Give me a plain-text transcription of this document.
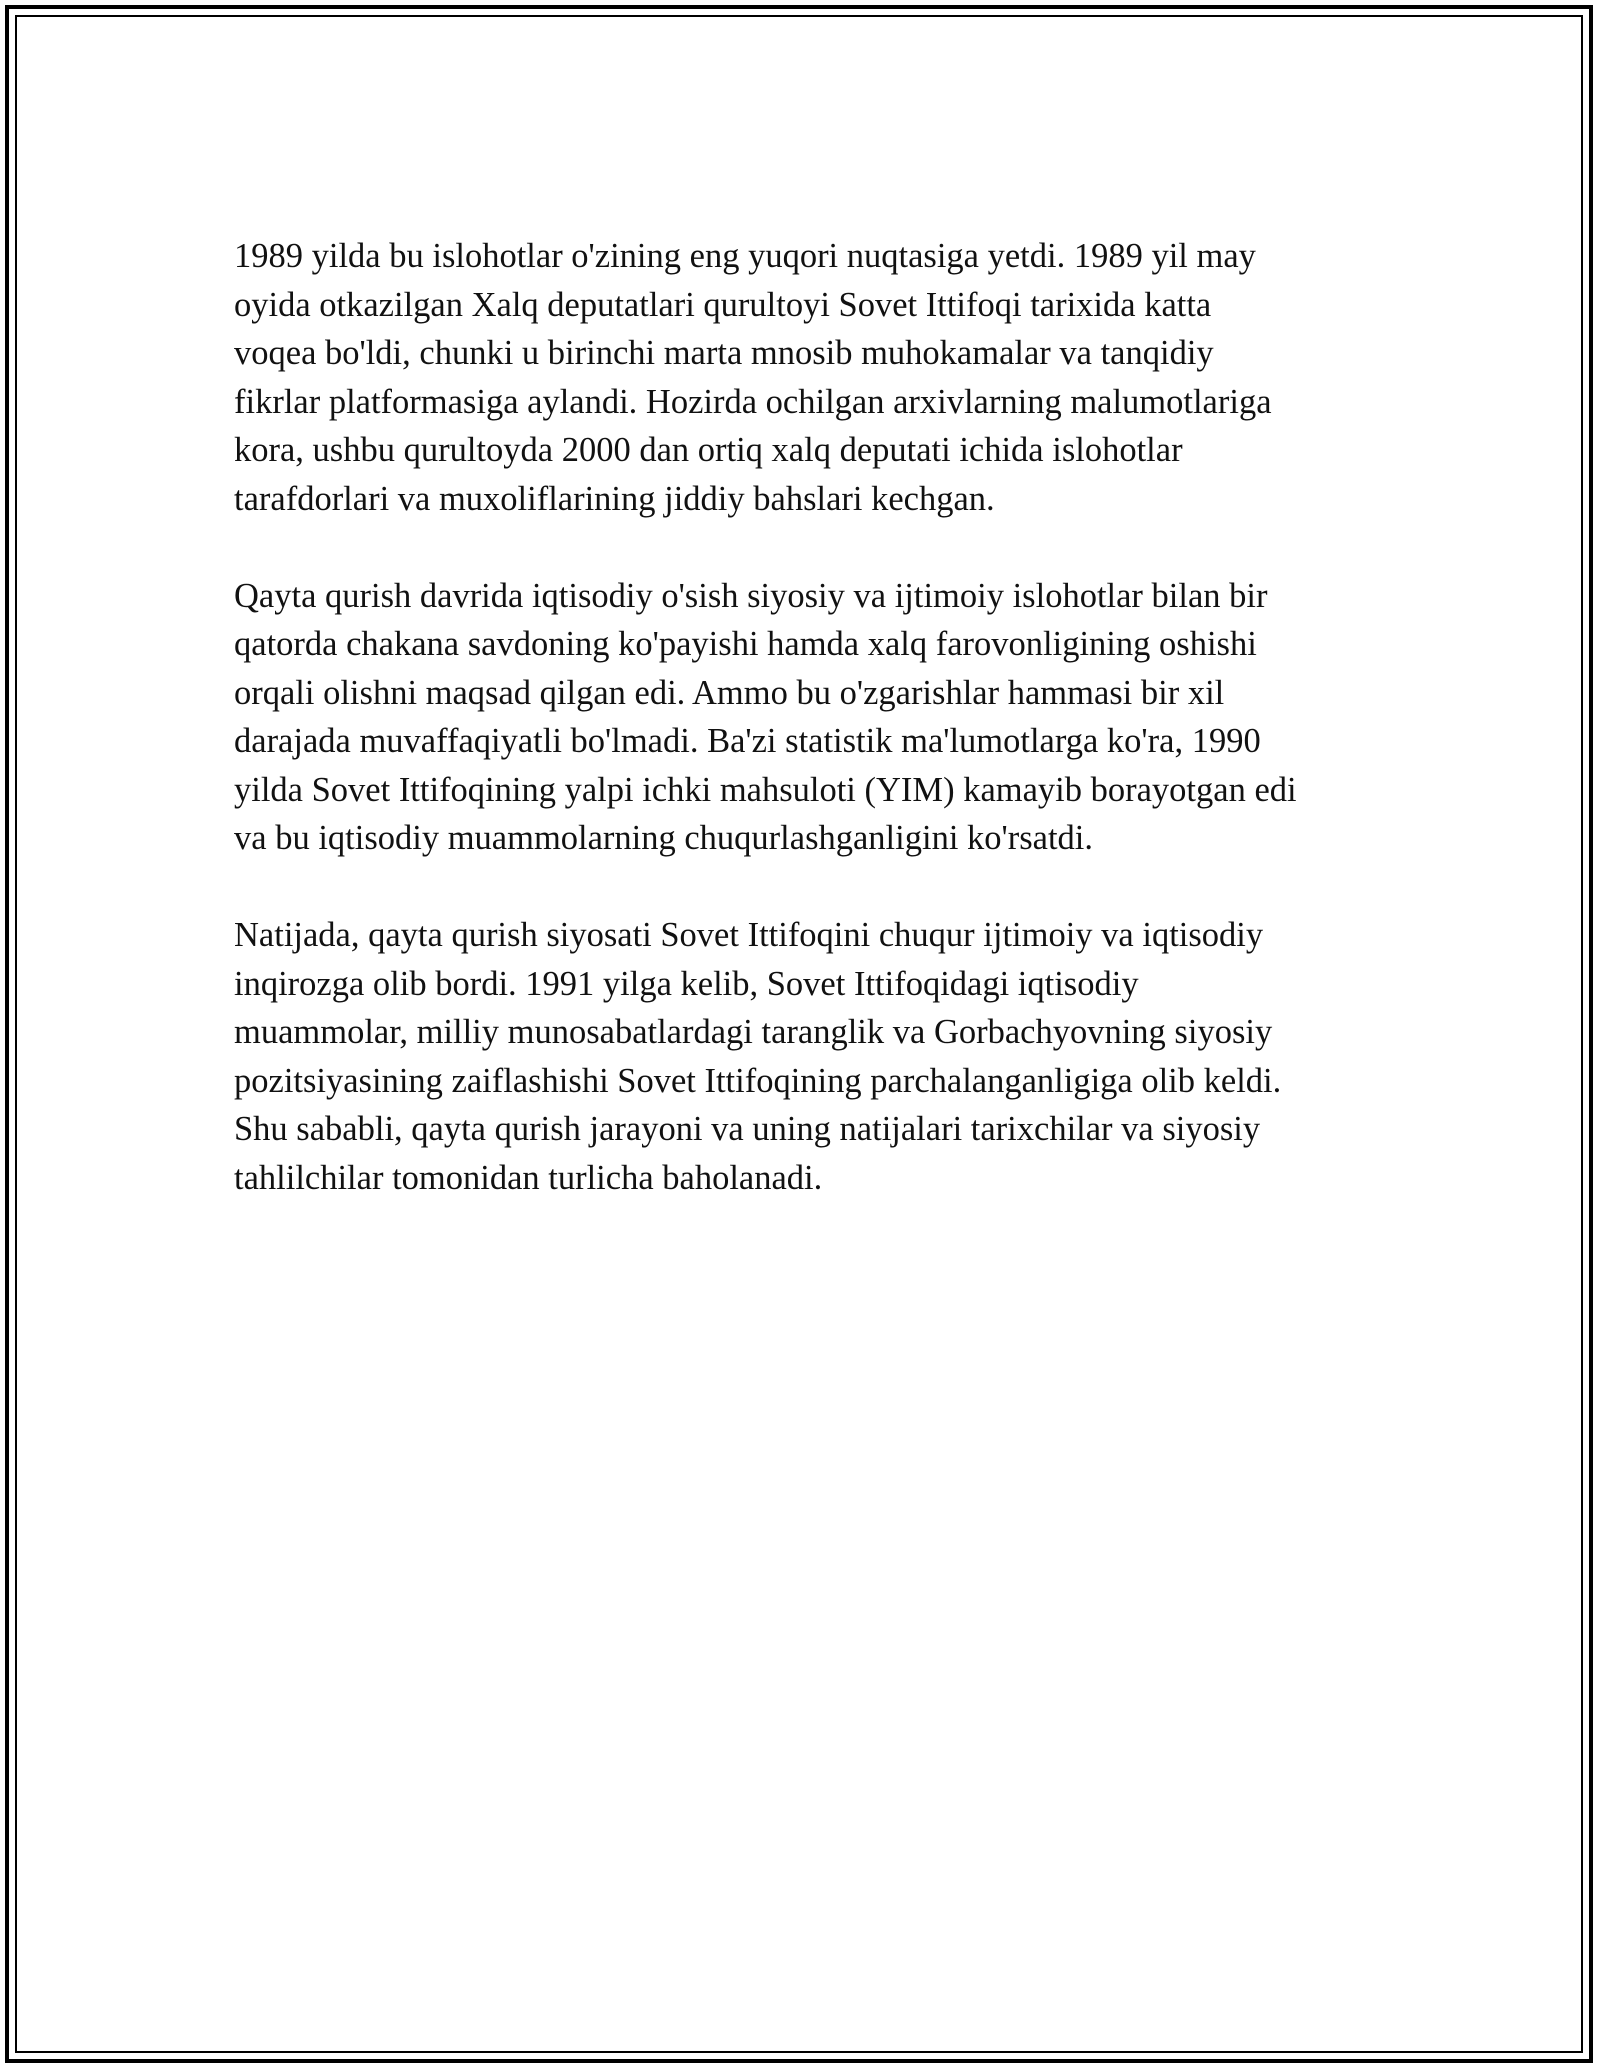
1989 yilda bu islohotlar o'zining eng yuqori nuqtasiga yetdi. 1989 yil may
oyida otkazilgan Xalq deputatlari qurultoyi Sovet Ittifoqi tarixida katta
voqea bo'ldi, chunki u birinchi marta mnosib muhokamalar va tanqidiy
fikrlar platformasiga aylandi. Hozirda ochilgan arxivlarning malumotlariga
kora, ushbu qurultoyda 2000 dan ortiq xalq deputati ichida islohotlar
tarafdorlari va muxoliflarining jiddiy bahslari kechgan.

Qayta qurish davrida iqtisodiy o'sish siyosiy va ijtimoiy islohotlar bilan bir
qatorda chakana savdoning ko'payishi hamda xalq farovonligining oshishi
orqali olishni maqsad qilgan edi. Ammo bu o'zgarishlar hammasi bir xil
darajada muvaffaqiyatli bo'lmadi. Ba'zi statistik ma'lumotlarga ko'ra, 1990
yilda Sovet Ittifoqining yalpi ichki mahsuloti (YIM) kamayib borayotgan edi
va bu iqtisodiy muammolarning chuqurlashganligini ko'rsatdi.

Natijada, qayta qurish siyosati Sovet Ittifoqini chuqur ijtimoiy va iqtisodiy
inqirozga olib bordi. 1991 yilga kelib, Sovet Ittifoqidagi iqtisodiy
muammolar, milliy munosabatlardagi taranglik va Gorbachyovning siyosiy
pozitsiyasining zaiflashishi Sovet Ittifoqining parchalanganligiga olib keldi.
Shu sababli, qayta qurish jarayoni va uning natijalari tarixchilar va siyosiy
tahlilchilar tomonidan turlicha baholanadi.
